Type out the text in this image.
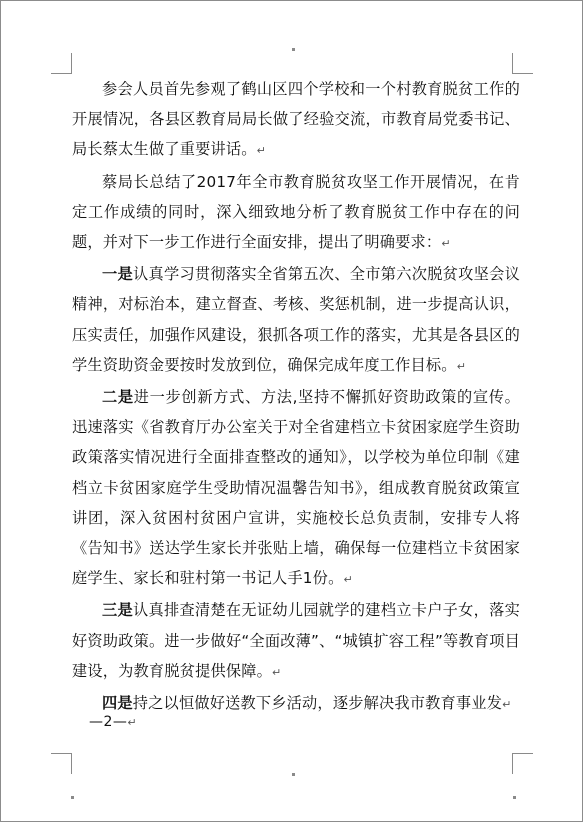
参会人员首先参观了鹤山区四个学校和一个村教育脱贫工作的开展情况，各县区教育局局长做了经验交流，市教育局党委书记、局长蔡太生做了重要讲话。↵

蔡局长总结了2017年全市教育脱贫攻坚工作开展情况，在肯定工作成绩的同时，深入细致地分析了教育脱贫工作中存在的问题，并对下一步工作进行全面安排，提出了明确要求：↵

一是认真学习贯彻落实全省第五次、全市第六次脱贫攻坚会议精神，对标治本，建立督查、考核、奖惩机制，进一步提高认识，压实责任，加强作风建设，狠抓各项工作的落实，尤其是各县区的学生资助资金要按时发放到位，确保完成年度工作目标。↵

二是进一步创新方式、方法,坚持不懈抓好资助政策的宣传。迅速落实《省教育厅办公室关于对全省建档立卡贫困家庭学生资助政策落实情况进行全面排查整改的通知》，以学校为单位印制《建档立卡贫困家庭学生受助情况温馨告知书》，组成教育脱贫政策宣讲团，深入贫困村贫困户宣讲，实施校长总负责制，安排专人将《告知书》送达学生家长并张贴上墙，确保每一位建档立卡贫困家庭学生、家长和驻村第一书记人手1份。↵

三是认真排查清楚在无证幼儿园就学的建档立卡户子女，落实好资助政策。进一步做好“全面改薄”、“城镇扩容工程”等教育项目建设，为教育脱贫提供保障。↵

四是持之以恒做好送教下乡活动，逐步解决我市教育事业发↵

—2—↵
